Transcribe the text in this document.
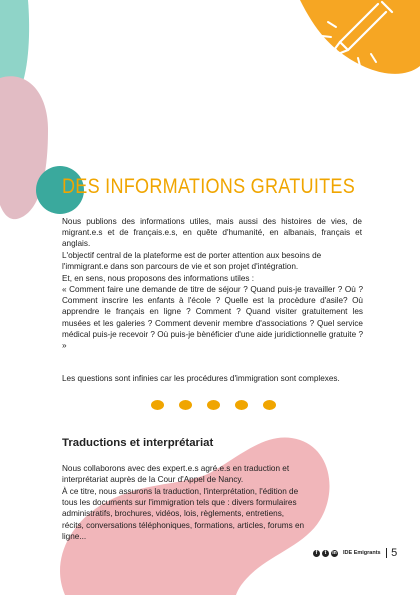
DES INFORMATIONS GRATUITES

Nous publions des informations utiles, mais aussi des histoires de vies, de migrant.e.s et de français.e.s, en quête d'humanité, en albanais, français et anglais.

L'objectif central de la plateforme est de porter attention aux besoins de l'immigrant.e dans son parcours de vie et son projet d'intégration.

Et, en sens, nous proposons des informations utiles :

« Comment faire une demande de titre de séjour ? Quand puis-je travailler ? Où ? Comment inscrire les enfants à l'école ? Quelle est la procèdure d'asile? Où apprendre le français en ligne ? Comment ? Quand visiter gratuitement les musées et les galeries ? Comment devenir membre d'associations ? Quel service médical puis-je recevoir ? Où puis-je bènéficier d'une aide juridictionnelle gratuite ? »

Les questions sont infinies car les procédures d'immigration sont complexes.

Traductions et interprétariat

Nous collaborons avec des expert.e.s agré.e.s en traduction et interprétariat auprès de la Cour d'Appel de Nancy.

À ce titre, nous assurons la traduction, l'interprétation, l'édition de tous les documents sur l'immigration tels que : divers formulaires administratifs, brochures, vidéos, lois, règlements, entretiens, récits, conversations téléphoniques, formations, articles, forums en ligne...

f	t	in IDE Emigrants 5
